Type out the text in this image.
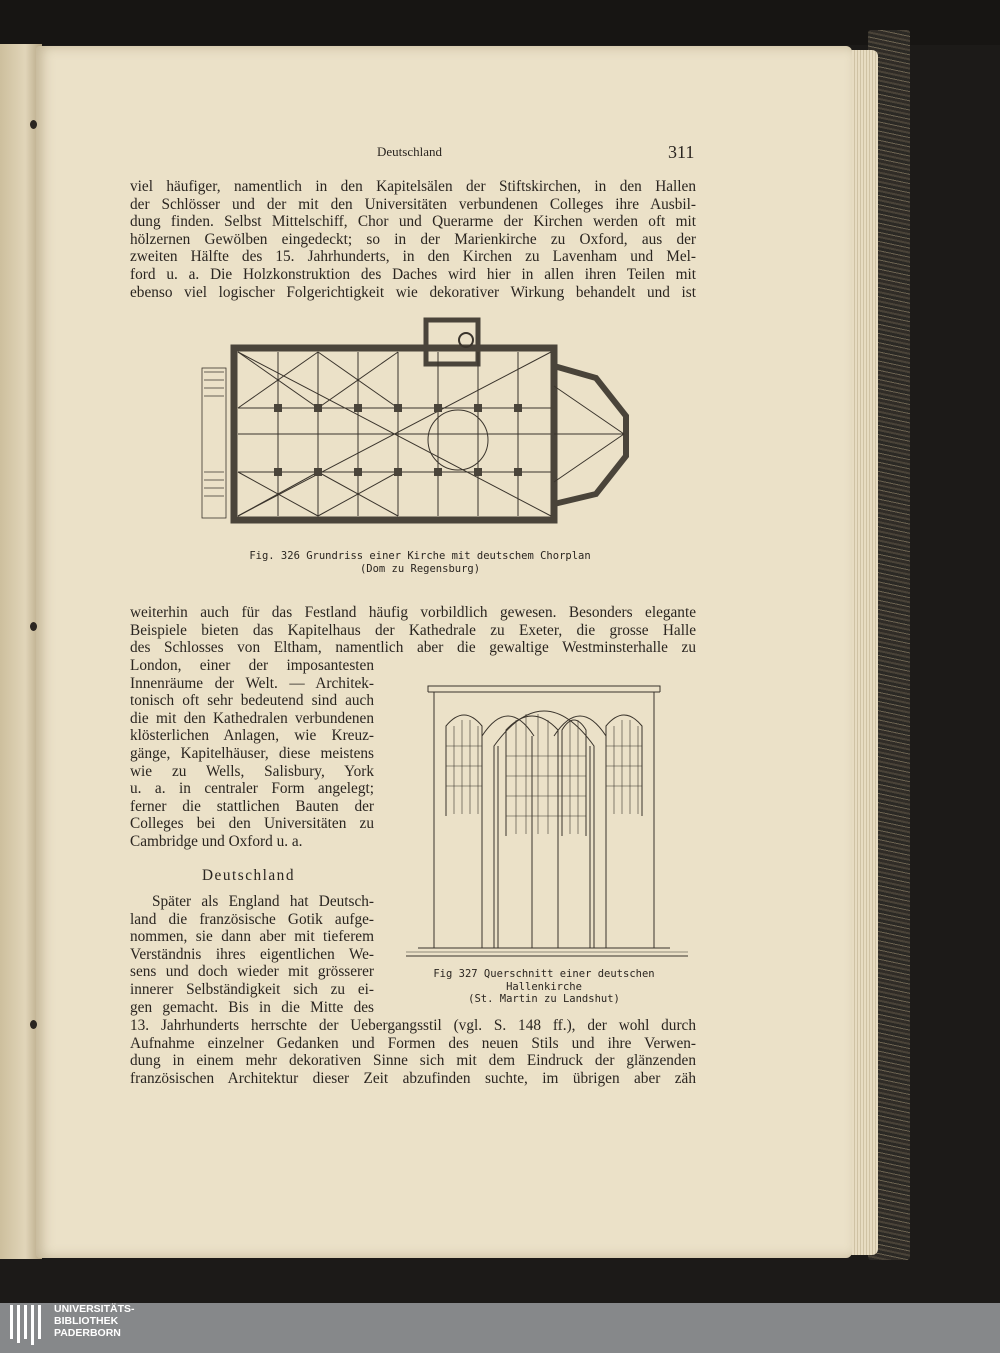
Deutschland	311
viel häufiger, namentlich in den Kapitelsälen der Stiftskirchen, in den Hallen
der Schlösser und der mit den Universitäten verbundenen Colleges ihre Ausbil-
dung finden. Selbst Mittelschiff, Chor und Querarme der Kirchen werden oft mit
hölzernen Gewölben eingedeckt; so in der Marienkirche zu Oxford, aus der
zweiten Hälfte des 15. Jahrhunderts, in den Kirchen zu Lavenham und Mel-
ford u. a. Die Holzkonstruktion des Daches wird hier in allen ihren Teilen mit
ebenso viel logischer Folgerichtigkeit wie dekorativer Wirkung behandelt und ist
Fig. 326 Grundriss einer Kirche mit deutschem Chorplan
(Dom zu Regensburg)
weiterhin auch für das Festland häufig vorbildlich gewesen. Besonders elegante
Beispiele bieten das Kapitelhaus der Kathedrale zu Exeter, die grosse Halle
des Schlosses von Eltham, namentlich aber die gewaltige Westminsterhalle zu
London, einer der imposantesten
Innenräume der Welt. — Architek-
tonisch oft sehr bedeutend sind auch
die mit den Kathedralen verbundenen
klösterlichen Anlagen, wie Kreuz-
gänge, Kapitelhäuser, diese meistens
wie zu Wells, Salisbury, York
u. a. in centraler Form angelegt;
ferner die stattlichen Bauten der
Colleges bei den Universitäten zu
Cambridge und Oxford u. a.
Deutschland
Später als England hat Deutsch-
land die französische Gotik aufge-
nommen, sie dann aber mit tieferem
Verständnis ihres eigentlichen We-
sens und doch wieder mit grösserer
innerer Selbständigkeit sich zu ei-
gen gemacht. Bis in die Mitte des
Fig 327 Querschnitt einer deutschen Hallenkirche
(St. Martin zu Landshut)
13. Jahrhunderts herrschte der Uebergangsstil (vgl. S. 148 ff.), der wohl durch
Aufnahme einzelner Gedanken und Formen des neuen Stils und ihre Verwen-
dung in einem mehr dekorativen Sinne sich mit dem Eindruck der glänzenden
französischen Architektur dieser Zeit abzufinden suchte, im übrigen aber zäh
UNIVERSITÄTS-
BIBLIOTHEK
PADERBORN
